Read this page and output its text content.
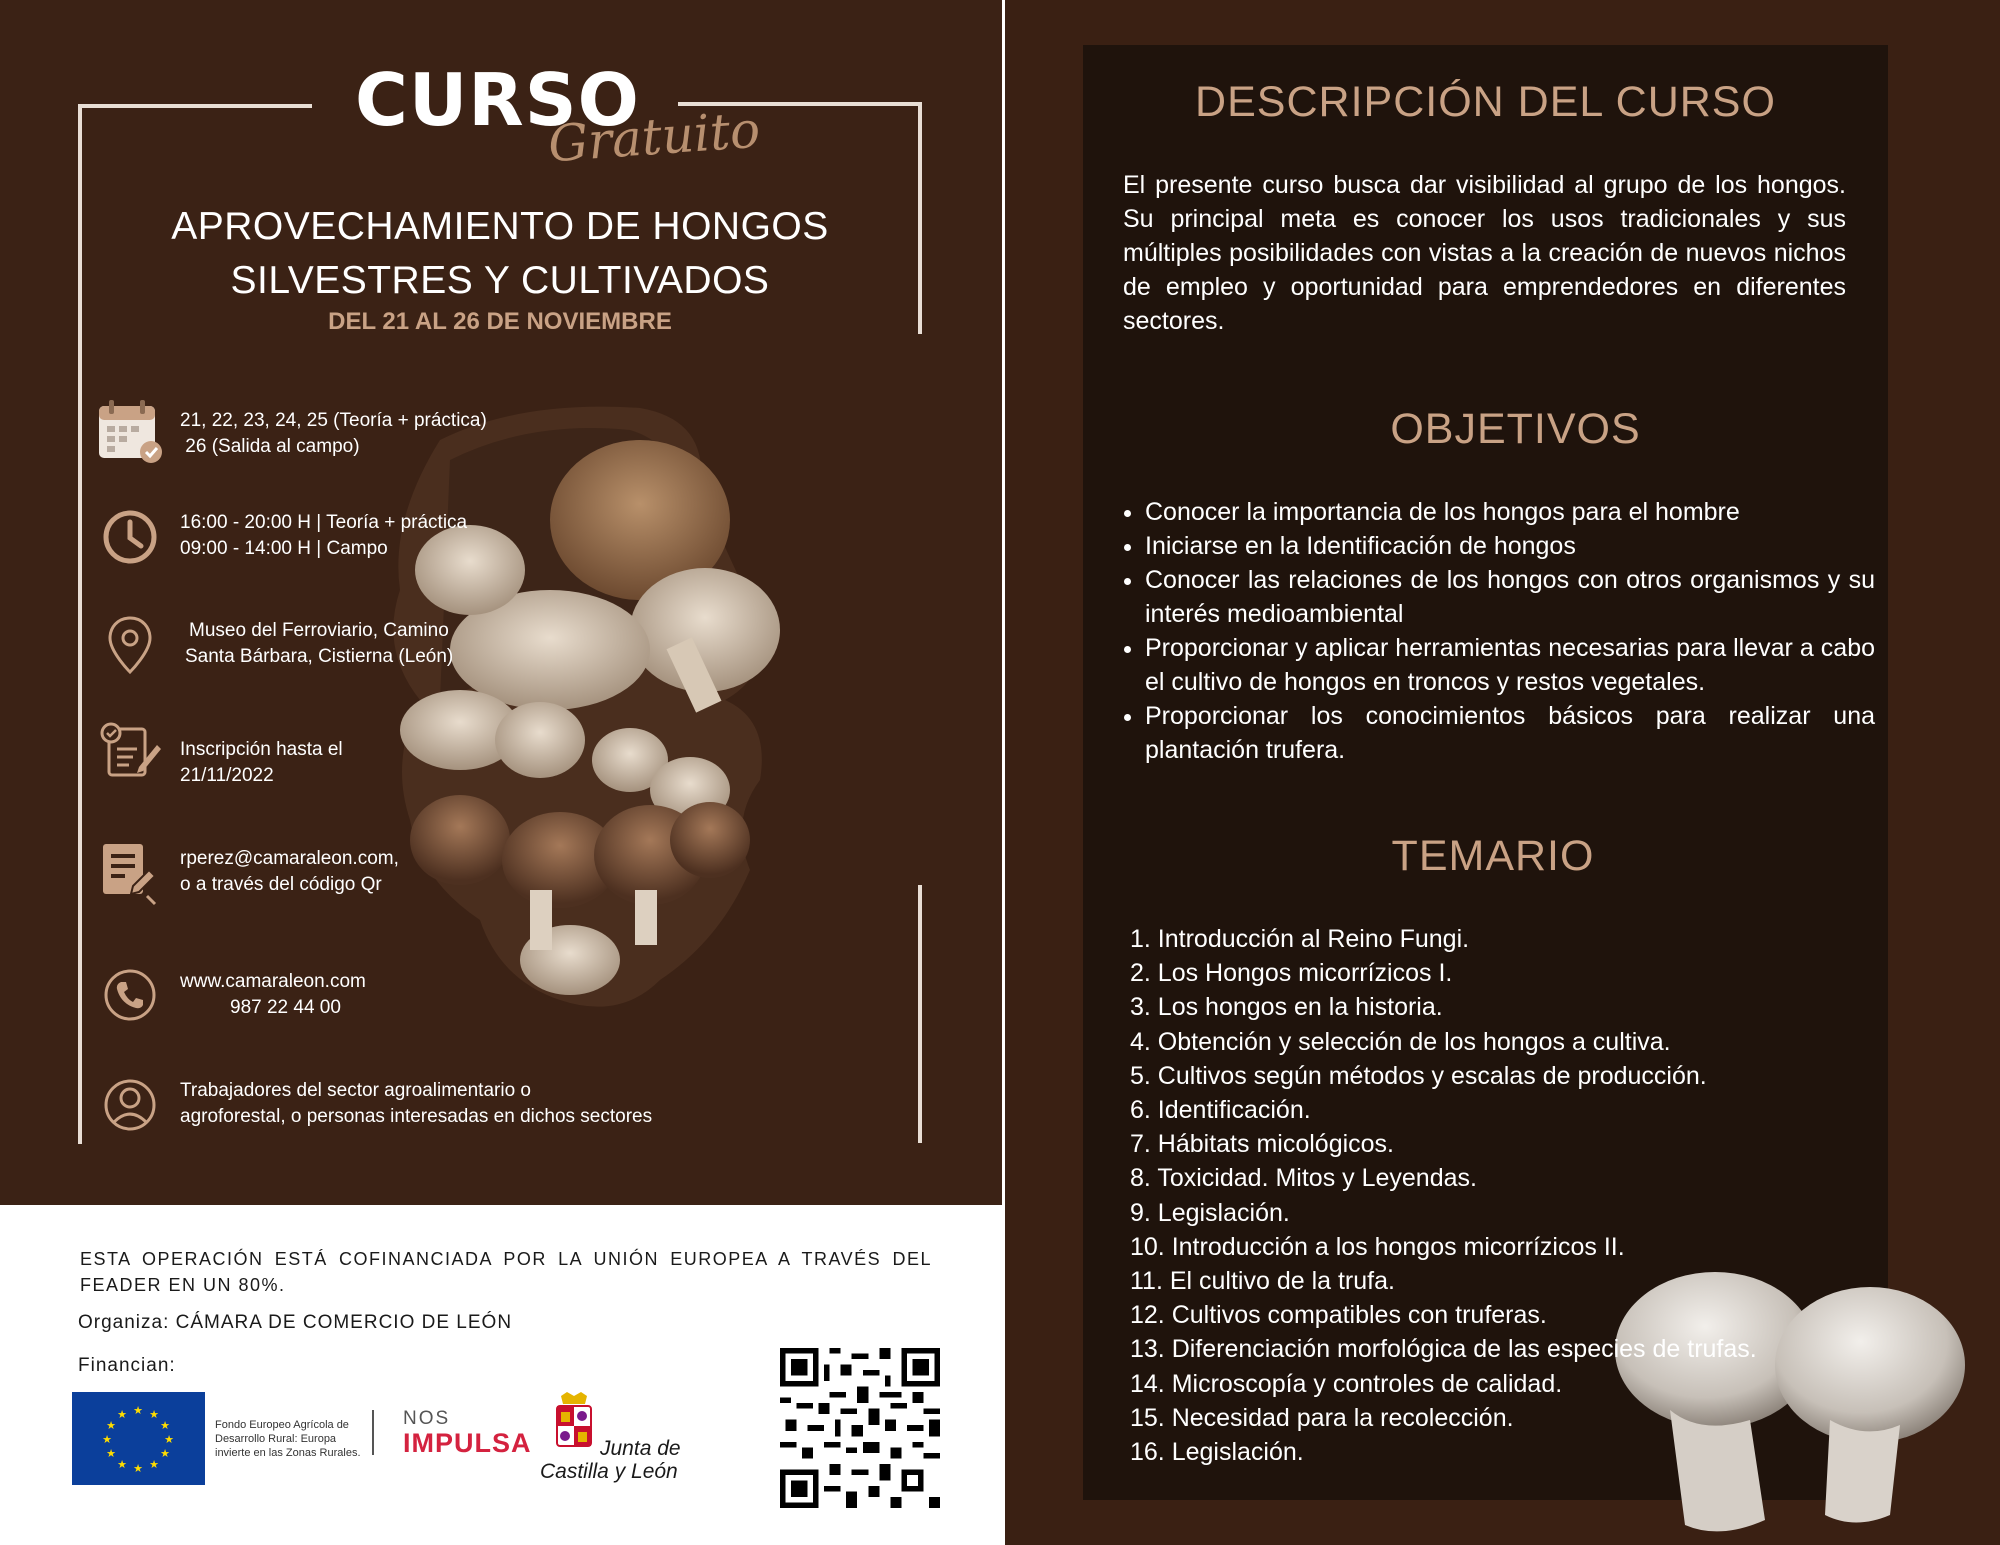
CURSO
Gratuito
APROVECHAMIENTO DE HONGOS
SILVESTRES Y CULTIVADOS
DEL 21 AL 26 DE NOVIEMBRE
21, 22, 23, 24, 25 (Teoría + práctica)
26 (Salida al campo)
16:00 - 20:00 H | Teoría + práctica
09:00 - 14:00 H | Campo
Museo del Ferroviario, Camino
Santa Bárbara, Cistierna (León)
Inscripción hasta el
21/11/2022
rperez@camaraleon.com,
o a través del código Qr
www.camaraleon.com
987 22 44 00
Trabajadores del sector agroalimentario o
agroforestal, o personas interesadas en dichos sectores
ESTA OPERACIÓN ESTÁ COFINANCIADA POR LA UNIÓN EUROPEA A TRAVÉS DEL FEADER EN UN 80%.
Organiza: CÁMARA DE COMERCIO DE LEÓN
Financian:
★ ★
★
★
★
★
★
★
★
★
★
★
Fondo Europeo Agrícola de Desarrollo Rural: Europa invierte en las Zonas Rurales.
NOS
IMPULSA	Junta de
Castilla y León
DESCRIPCIÓN DEL CURSO
El presente curso busca dar visibilidad al grupo de los hongos. Su principal meta es conocer los usos tradicionales y sus múltiples posibilidades con vistas a la creación de nuevos nichos de empleo y oportunidad para emprendedores en diferentes sectores.
OBJETIVOS
• Conocer la importancia de los hongos para el hombre
• Iniciarse en la Identificación de hongos
• Conocer las relaciones de los hongos con otros organismos y su interés medioambiental
• Proporcionar y aplicar herramientas necesarias para llevar a cabo el cultivo de hongos en troncos y restos vegetales.
• Proporcionar los conocimientos básicos para realizar una plantación trufera.
TEMARIO
1. Introducción al Reino Fungi.
2. Los Hongos micorrízicos I.
3. Los hongos en la historia.
4. Obtención y selección de los hongos a cultiva.
5. Cultivos según métodos y escalas de producción.
6. Identificación.
7. Hábitats micológicos.
8. Toxicidad. Mitos y Leyendas.
9. Legislación.
10. Introducción a los hongos micorrízicos II.
11. El cultivo de la trufa.
12. Cultivos compatibles con truferas.
13. Diferenciación morfológica de las especies de trufas.
14. Microscopía y controles de calidad.
15. Necesidad para la recolección.
16. Legislación.
